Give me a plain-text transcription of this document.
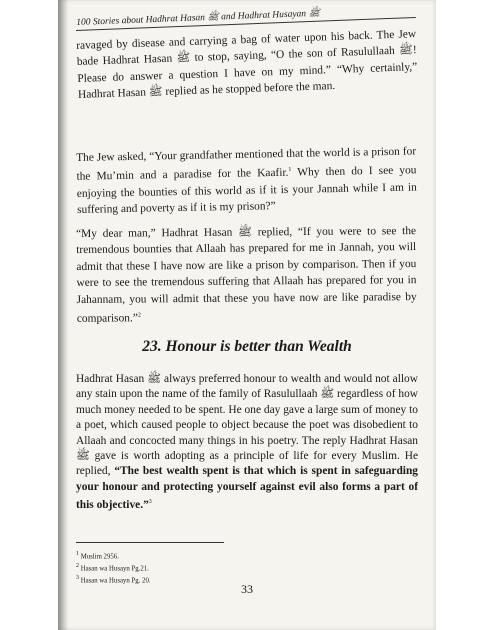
100 Stories about Hadhrat Hasan ﷺ and Hadhrat Husayan ﷺ

ravaged by disease and carrying a bag of water upon his back. The Jew bade Hadhrat Hasan ﷺ to stop, saying, “O the son of Rasulullaah ﷺ! Please do answer a question I have on my mind.” “Why certainly,” Hadhrat Hasan ﷺ replied as he stopped before the man.

The Jew asked, “Your grandfather mentioned that the world is a prison for the Mu’min and a paradise for the Kaafir.$^1$ Why then do I see you enjoying the bounties of this world as if it is your Jannah while I am in suffering and poverty as if it is my prison?”

“My dear man,” Hadhrat Hasan ﷺ replied, “If you were to see the tremendous bounties that Allaah has prepared for me in Jannah, you will admit that these I have now are like a prison by comparison. Then if you were to see the tremendous suffering that Allaah has prepared for you in Jahannam, you will admit that these you have now are like paradise by comparison.”$^2$

23. Honour is better than Wealth

Hadhrat Hasan ﷺ always preferred honour to wealth and would not allow any stain upon the name of the family of Rasulullaah ﷺ regardless of how much money needed to be spent. He one day gave a large sum of money to a poet, which caused people to object because the poet was disobedient to Allaah and concocted many things in his poetry. The reply Hadhrat Hasan ﷺ gave is worth adopting as a principle of life for every Muslim. He replied, “The best wealth spent is that which is spent in safeguarding your honour and protecting yourself against evil also forms a part of this objective.”$^3$

$^1$ Muslim 2956.
$^2$ Hasan wa Husayn Pg.21.
$^3$ Hasan wa Husayn Pg. 20.
33
